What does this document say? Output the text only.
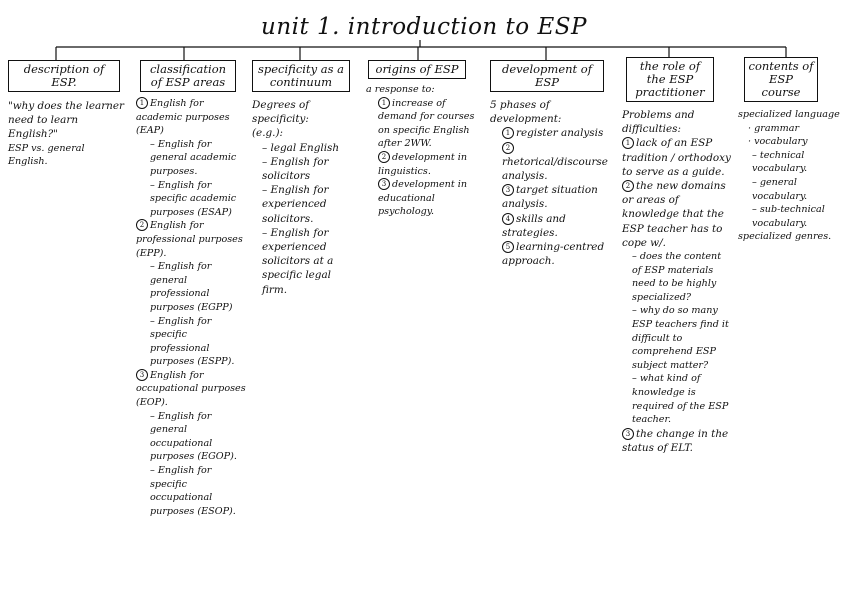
unit 1. introduction to ESP
description of ESP.
"why does the learner need to learn English?"
ESP vs. general English.
classification of ESP areas
1 English for academic purposes (EAP)
– English for general academic purposes.
– English for specific academic purposes (ESAP)
2 English for professional purposes (EPP).
– English for general professional purposes (EGPP)
– English for specific professional purposes (ESPP).
3 English for occupational purposes (EOP).
– English for general occupational purposes (EGOP).
– English for specific occupational purposes (ESOP).
specificity as a continuum
Degrees of specificity:
(e.g.):
– legal English
– English for solicitors
– English for experienced solicitors.
– English for experienced solicitors at a specific legal firm.
origins of ESP
a response to:
1 increase of demand for courses on specific English after 2WW.
2 development in linguistics.
3 development in educational psychology.
development of ESP
5 phases of development:
1 register analysis
2rhetorical/discourse analysis.
3 target situation analysis.
4 skills and strategies.
5 learning-centred approach.
the role of the ESP practitioner
Problems and difficulties:
1 lack of an ESP tradition / orthodoxy to serve as a guide.
2 the new domains or areas of knowledge that the ESP teacher has to cope w/.
– does the content of ESP materials need to be highly specialized?
– why do so many ESP teachers find it difficult to comprehend ESP subject matter?
– what kind of knowledge is required of the ESP teacher.
3 the change in the status of ELT.
contents of ESP course
specialized language
· grammar
· vocabulary
– technical vocabulary.
– general vocabulary.
– sub-technical vocabulary.
specialized genres.
